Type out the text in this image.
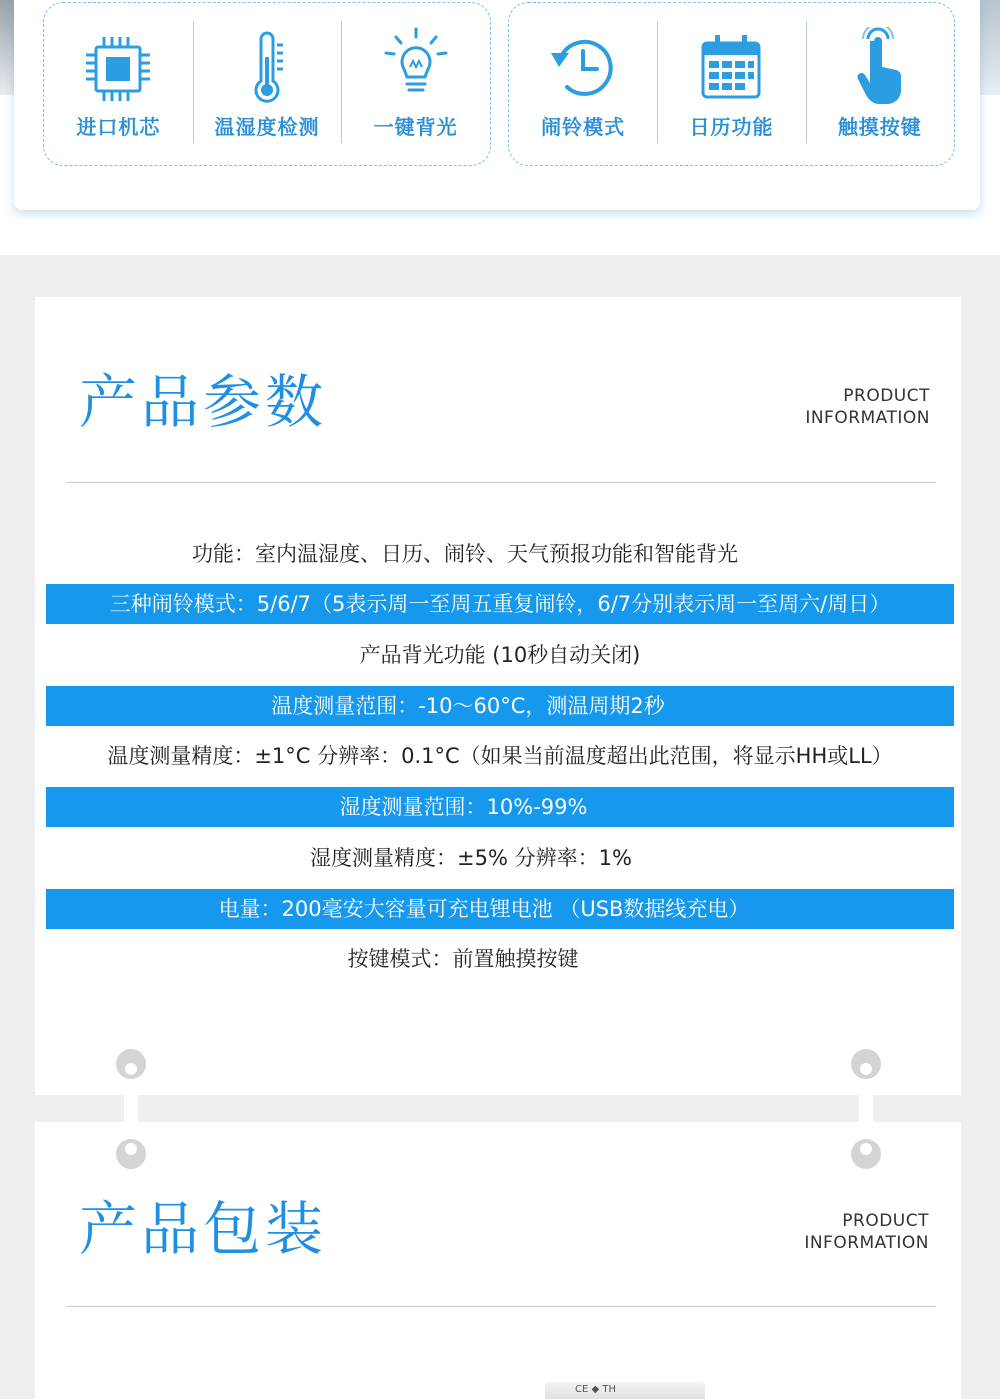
进口机芯	温湿度检测	一键背光	闹铃模式	日历功能	触摸按键
产品参数	PRODUCT
INFORMATION
功能：室内温湿度、日历、闹铃、天气预报功能和智能背光
三种闹铃模式：5/6/7（5表示周一至周五重复闹铃，6/7分别表示周一至周六/周日）
产品背光功能 (10秒自动关闭)
温度测量范围：-10～60°C，测温周期2秒
温度测量精度：±1°C 分辨率：0.1°C（如果当前温度超出此范围，将显示HH或LL）
湿度测量范围：10%-99%
湿度测量精度：±5% 分辨率：1%
电量：200毫安大容量可充电锂电池 （USB数据线充电）
按键模式：前置触摸按键
产品包装	PRODUCT
INFORMATION
CE ◆ TH
